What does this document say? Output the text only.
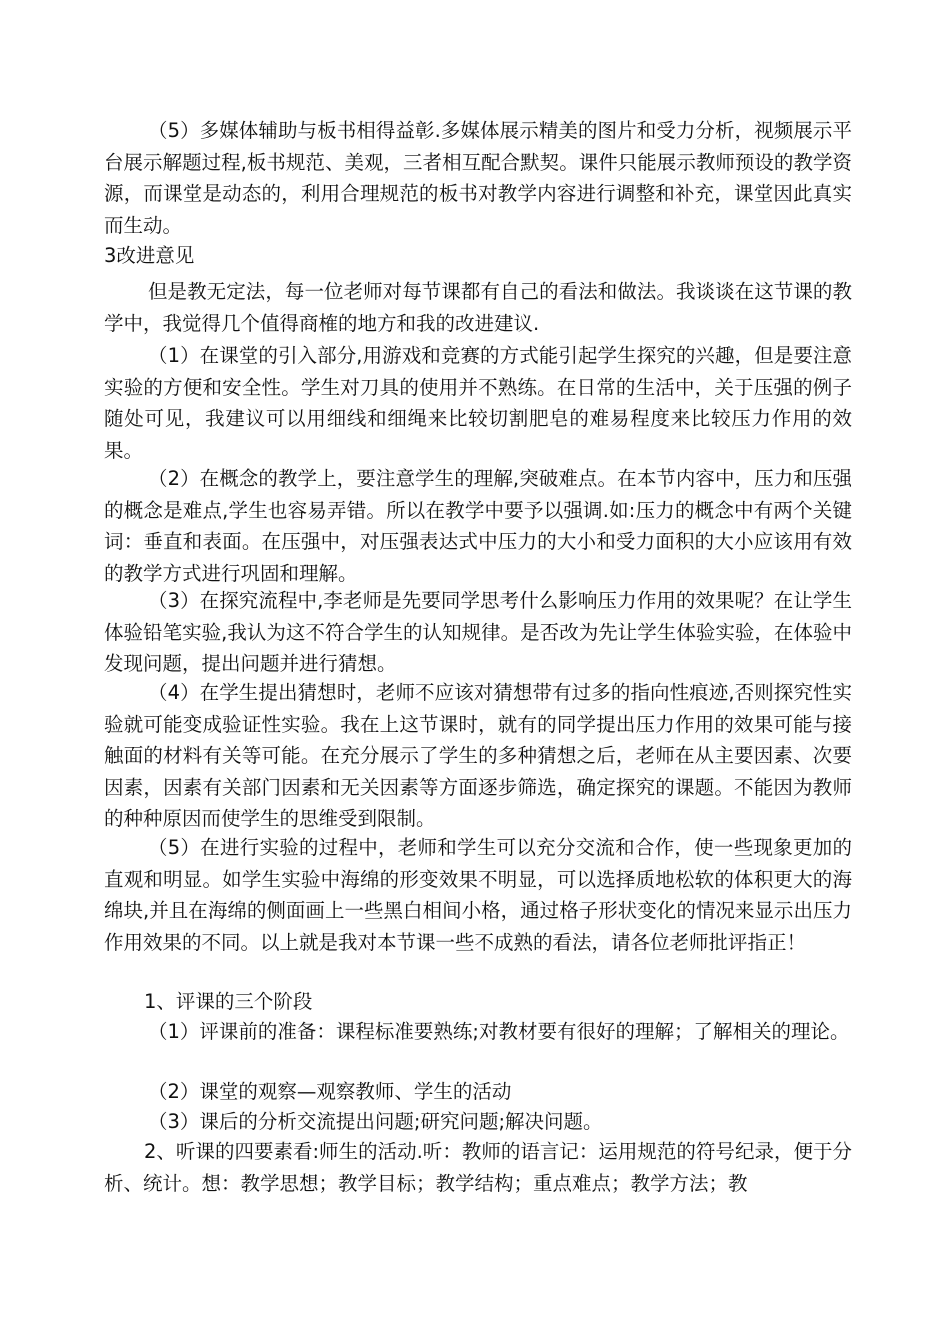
（5）多媒体辅助与板书相得益彰.多媒体展示精美的图片和受力分析，视频展示平台展示解题过程,板书规范、美观，三者相互配合默契。课件只能展示教师预设的教学资源，而课堂是动态的，利用合理规范的板书对教学内容进行调整和补充，课堂因此真实而生动。

3改进意见

但是教无定法，每一位老师对每节课都有自己的看法和做法。我谈谈在这节课的教学中，我觉得几个值得商榷的地方和我的改进建议.

（1）在课堂的引入部分,用游戏和竞赛的方式能引起学生探究的兴趣，但是要注意实验的方便和安全性。学生对刀具的使用并不熟练。在日常的生活中，关于压强的例子随处可见，我建议可以用细线和细绳来比较切割肥皂的难易程度来比较压力作用的效果。

（2）在概念的教学上，要注意学生的理解,突破难点。在本节内容中，压力和压强的概念是难点,学生也容易弄错。所以在教学中要予以强调.如:压力的概念中有两个关键词：垂直和表面。在压强中，对压强表达式中压力的大小和受力面积的大小应该用有效的教学方式进行巩固和理解。

（3）在探究流程中,李老师是先要同学思考什么影响压力作用的效果呢？在让学生体验铅笔实验,我认为这不符合学生的认知规律。是否改为先让学生体验实验，在体验中发现问题，提出问题并进行猜想。

（4）在学生提出猜想时，老师不应该对猜想带有过多的指向性痕迹,否则探究性实验就可能变成验证性实验。我在上这节课时，就有的同学提出压力作用的效果可能与接触面的材料有关等可能。在充分展示了学生的多种猜想之后，老师在从主要因素、次要因素，因素有关部门因素和无关因素等方面逐步筛选，确定探究的课题。不能因为教师的种种原因而使学生的思维受到限制。

（5）在进行实验的过程中，老师和学生可以充分交流和合作，使一些现象更加的直观和明显。如学生实验中海绵的形变效果不明显，可以选择质地松软的体积更大的海绵块,并且在海绵的侧面画上一些黑白相间小格，通过格子形状变化的情况来显示出压力作用效果的不同。以上就是我对本节课一些不成熟的看法，请各位老师批评指正！

1、评课的三个阶段

（1）评课前的准备：课程标准要熟练;对教材要有很好的理解；了解相关的理论。

（2）课堂的观察—观察教师、学生的活动

（3）课后的分析交流提出问题;研究问题;解决问题。

2、听课的四要素看:师生的活动.听：教师的语言记：运用规范的符号纪录，便于分析、统计。想：教学思想；教学目标；教学结构；重点难点；教学方法；教
